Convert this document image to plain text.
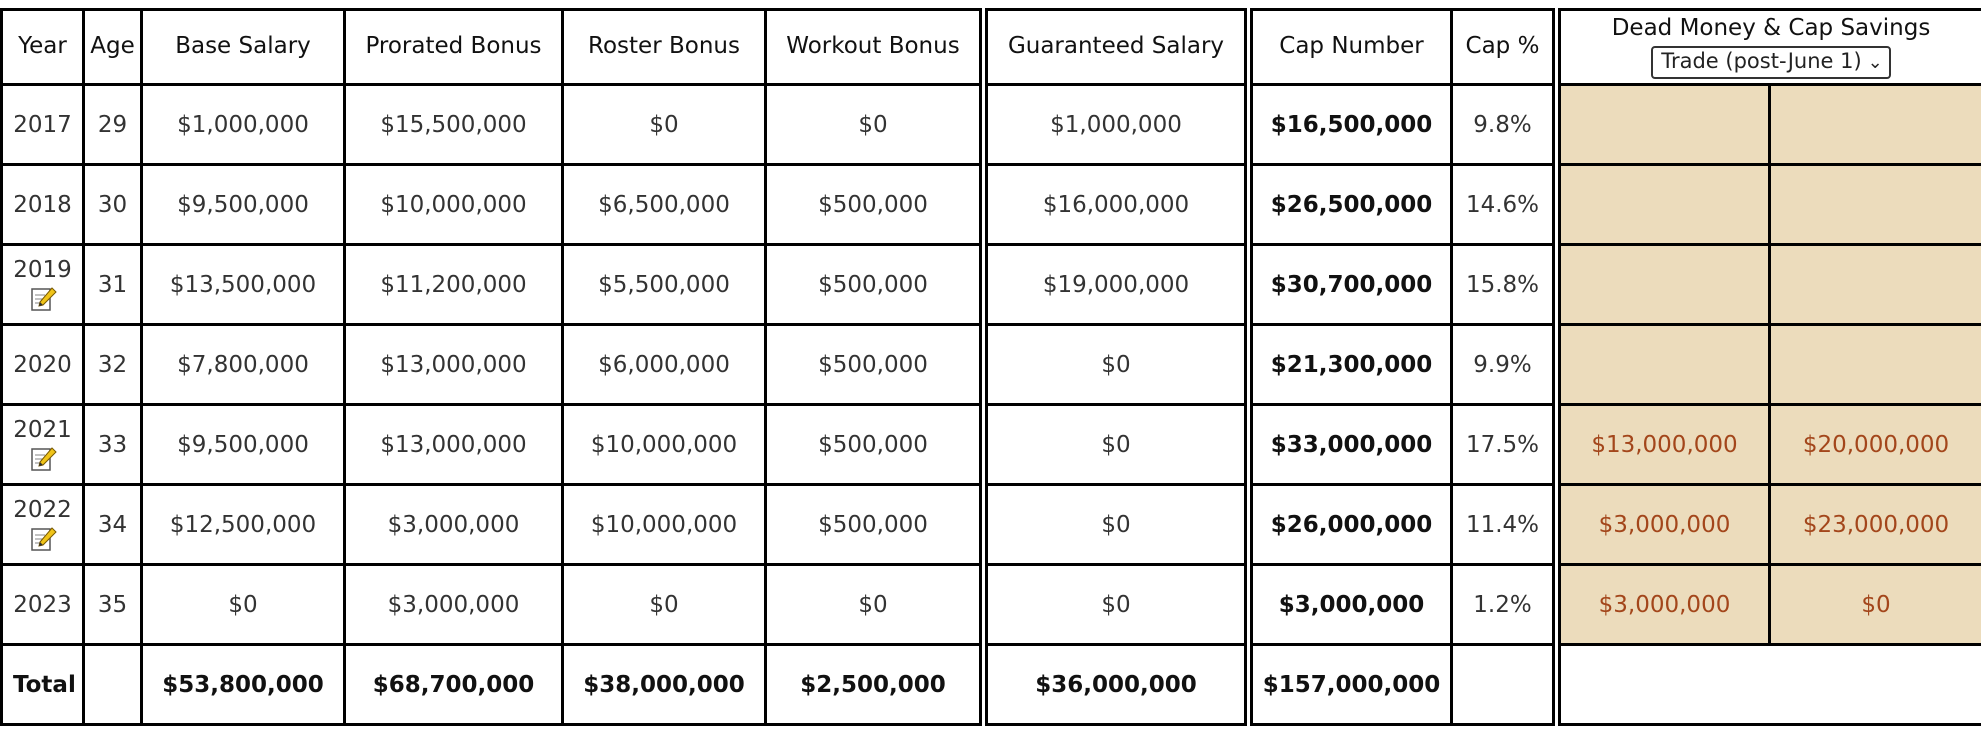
Year	Age	Base Salary	Prorated Bonus	Roster Bonus	Workout Bonus	Guaranteed Salary	Cap Number	Cap %	Dead Money & Cap Savings
Trade (post-June 1) ⌄	
2017	29	$1,000,000	$15,500,000	$0	$0	$1,000,000	$16,500,000	9.8%		
2018	30	$9,500,000	$10,000,000	$6,500,000	$500,000	$16,000,000	$26,500,000	14.6%		
2019	31	$13,500,000	$11,200,000	$5,500,000	$500,000	$19,000,000	$30,700,000	15.8%		
2020	32	$7,800,000	$13,000,000	$6,000,000	$500,000	$0	$21,300,000	9.9%		
2021	33	$9,500,000	$13,000,000	$10,000,000	$500,000	$0	$33,000,000	17.5%	$13,000,000	$20,000,000
2022	34	$12,500,000	$3,000,000	$10,000,000	$500,000	$0	$26,000,000	11.4%	$3,000,000	$23,000,000
2023	35	$0	$3,000,000	$0	$0	$0	$3,000,000	1.2%	$3,000,000	$0
Total		$53,800,000	$68,700,000	$38,000,000	$2,500,000	$36,000,000	$157,000,000			
